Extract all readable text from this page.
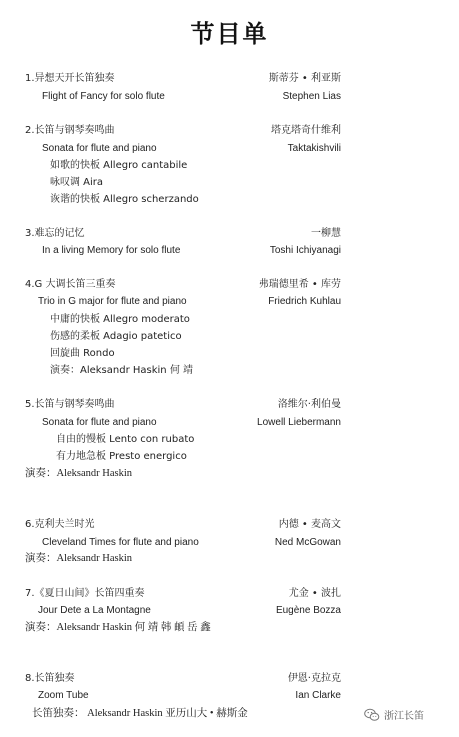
节目单
1.异想天开长笛独奏	斯蒂芬 • 利亚斯
Flight of Fancy for solo flute	Stephen Lias
2.长笛与钢琴奏鸣曲	塔克塔奇什维利
Sonata for flute and piano	Taktakishvili
如歌的快板 Allegro cantabile
咏叹调 Aira
诙谐的快板 Allegro scherzando
3.难忘的记忆	一柳慧
In a living Memory for solo flute	Toshi Ichiyanagi
4.G 大调长笛三重奏	弗瑞德里希 • 库劳
Trio in G major for flute and piano	Friedrich Kuhlau
中庸的快板 Allegro moderato
伤感的柔板 Adagio patetico
回旋曲 Rondo
演奏：Aleksandr Haskin 何 靖
5.长笛与钢琴奏鸣曲	洛维尔·利伯曼
Sonata for flute and piano	Lowell Liebermann
自由的慢板 Lento con rubato
有力地急板 Presto energico
演奏：Aleksandr Haskin
6.克利夫兰时光	内德 • 麦高文
Cleveland Times for flute and piano	Ned McGowan
演奏：Aleksandr Haskin
7.《夏日山间》长笛四重奏	尤金 • 波扎
Jour Dete a La Montagne	Eugène Bozza
演奏：Aleksandr Haskin 何 靖 韩 頔 岳 鑫
8.长笛独奏	伊恩·克拉克
Zoom Tube	Ian Clarke
长笛独奏： Aleksandr Haskin 亚历山大 • 赫斯金	浙江长笛
